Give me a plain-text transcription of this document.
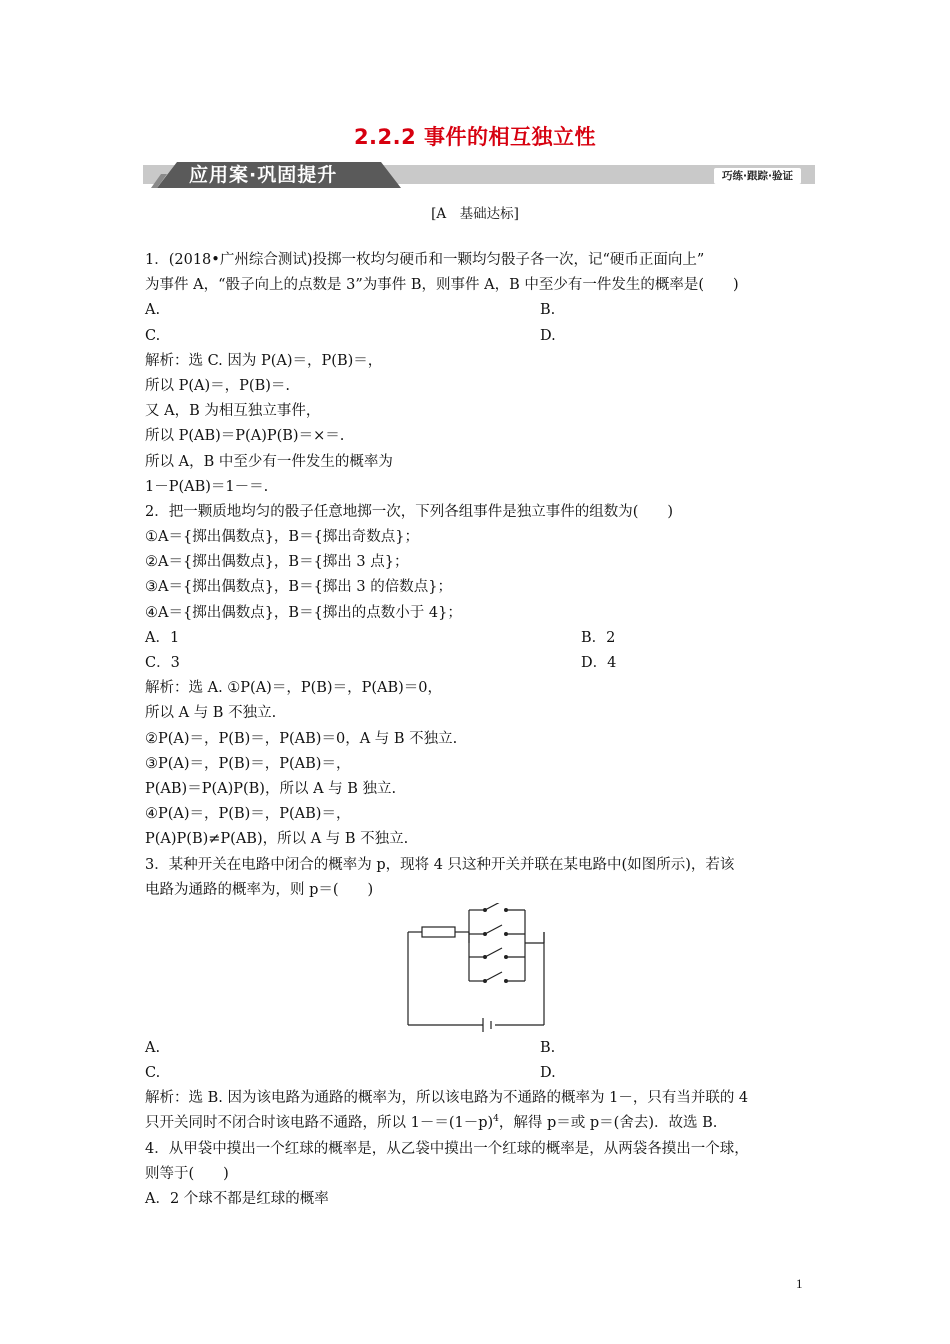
2.2.2 事件的相互独立性
应用案·巩固提升	巧练·跟踪·验证
[A　基础达标]
1．(2018•广州综合测试)投掷一枚均匀硬币和一颗均匀骰子各一次，记“硬币正面向上”
为事件 A，“骰子向上的点数是 3”为事件 B，则事件 A，B 中至少有一件发生的概率是(　　)
A.	B.
C.	D.
解析：选 C. 因为 P(A)＝，P(B)＝，
所以 P(A)＝，P(B)＝.
又 A，B 为相互独立事件，
所以 P(AB)＝P(A)P(B)＝×＝.
所以 A，B 中至少有一件发生的概率为
1－P(AB)＝1－＝.
2．把一颗质地均匀的骰子任意地掷一次，下列各组事件是独立事件的组数为(　　)
①A＝{掷出偶数点}，B＝{掷出奇数点}；
②A＝{掷出偶数点}，B＝{掷出 3 点}；
③A＝{掷出偶数点}，B＝{掷出 3 的倍数点}；
④A＝{掷出偶数点}，B＝{掷出的点数小于 4}；
A．1	B．2
C．3	D．4
解析：选 A. ①P(A)＝，P(B)＝，P(AB)＝0，
所以 A 与 B 不独立.
②P(A)＝，P(B)＝，P(AB)＝0，A 与 B 不独立.
③P(A)＝，P(B)＝，P(AB)＝，
P(AB)＝P(A)P(B)，所以 A 与 B 独立.
④P(A)＝，P(B)＝，P(AB)＝，
P(A)P(B)≠P(AB)，所以 A 与 B 不独立.
3．某种开关在电路中闭合的概率为 p，现将 4 只这种开关并联在某电路中(如图所示)，若该
电路为通路的概率为，则 p＝(　　)
A.	B.
C.	D.
解析：选 B. 因为该电路为通路的概率为，所以该电路为不通路的概率为 1－，只有当并联的 4
只开关同时不闭合时该电路不通路，所以 $1-=(1-p)^4$，解得 p＝或 p＝(舍去)．故选 B.
4．从甲袋中摸出一个红球的概率是，从乙袋中摸出一个红球的概率是，从两袋各摸出一个球，
则等于(　　)
A．2 个球不都是红球的概率
1
